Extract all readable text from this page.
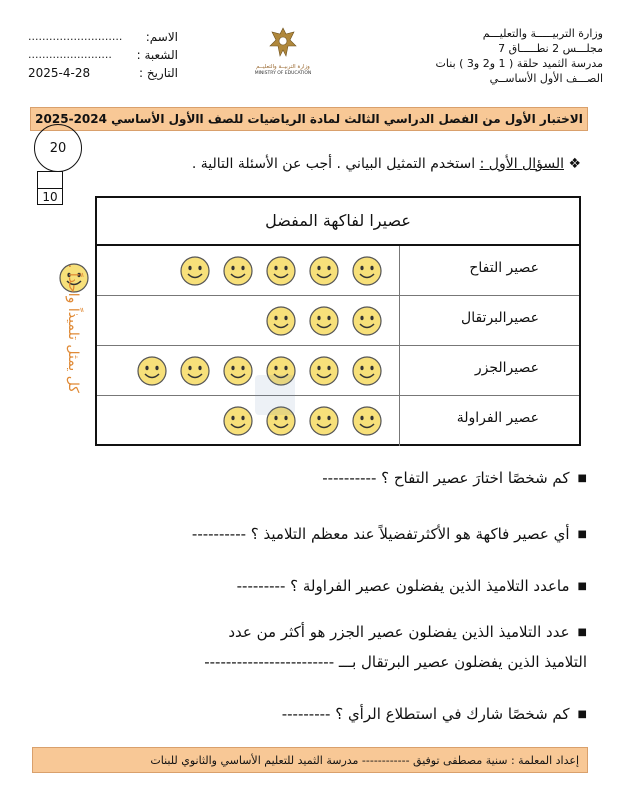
وزارة التربيـــــة والتعليـــم
مجلـــس 2 نطـــــاق 7
مدرسة الثميد حلقة ( 1 و2 و3 ) بنات
الصـــف الأول الأساســي
وزارة التربيــة والتعليــم
MINISTRY OF EDUCATION
الاسم:
...........................
الشعبة :
........................
التاريخ :
2025-4-28
الاختبار الأول من الفصل الدراسي الثالث لمادة الرياضيات للصف االأول الأساسي 2024-2025
20
10
❖ السؤال الأول : استخدم التمثيل البياني . أجب عن الأسئلة التالية .
عصيرا لفاكهة المفضل
عصير التفاح
عصيرالبرتقال
عصيرالجزر
عصير الفراولة
كل يمثل تلميذاً واحداً .
■كم شخصًا اختارَ عصير التفاح ؟ ----------
■أي عصير فاكهة هو الأكثرتفضيلاً عند معظم التلاميذ ؟ ----------
■ماعدد التلاميذ الذين يفضلون عصير الفراولة ؟ ---------
■عدد التلاميذ الذين يفضلون عصير الجزر هو أكثر من عدد
التلاميذ الذين يفضلون عصير البرتقال بـــ ------------------------
■كم شخصًا شارك في استطلاع الرأي ؟ ---------
إعداد المعلمة : سنية مصطفى توفيق ------------ مدرسة الثميد للتعليم الأساسي والثانوي للبنات
